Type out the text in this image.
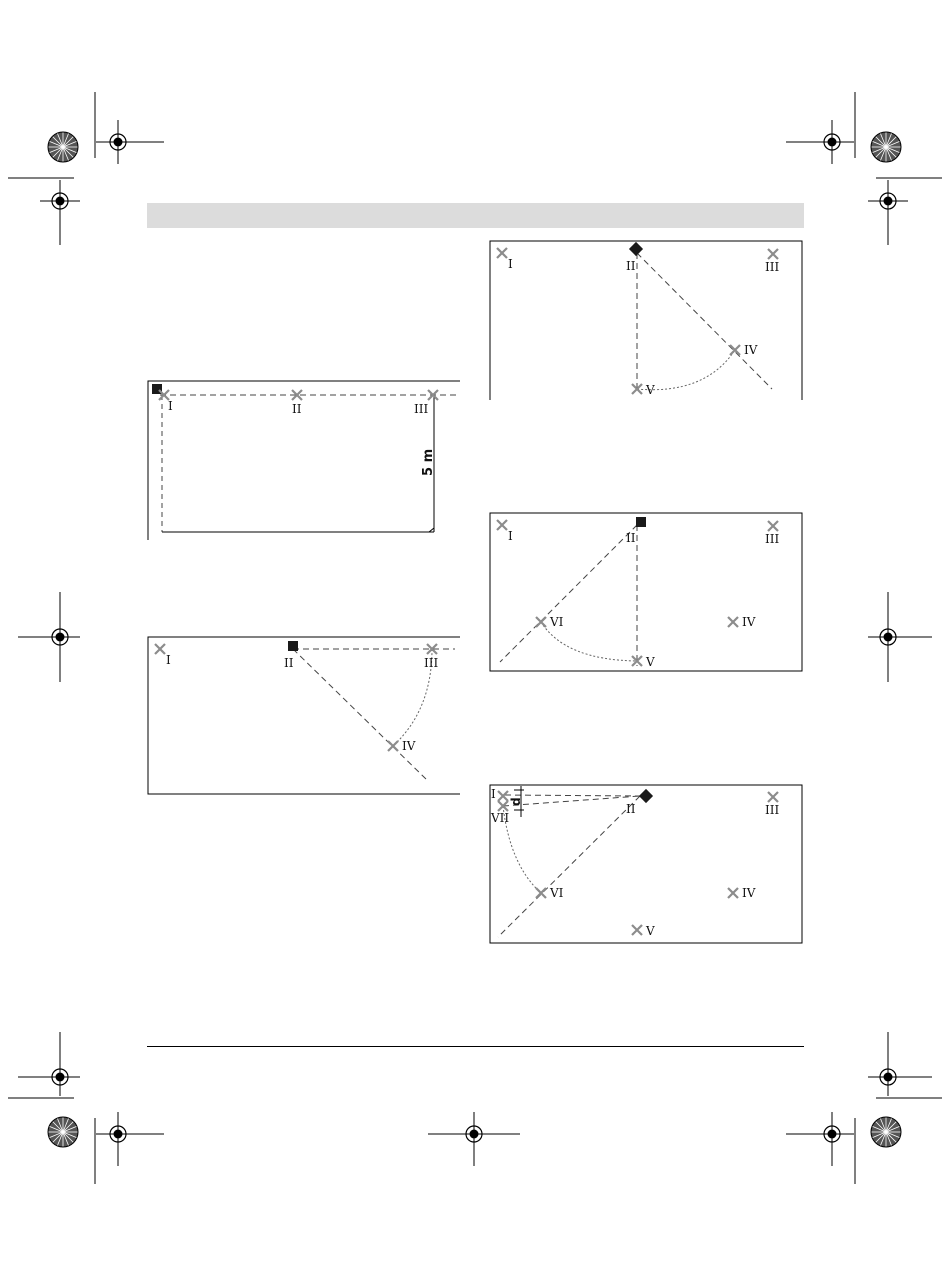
I	II	III
5 m
I	II	III
IV
I	II	III
IV
V
I	II	III
IV
V
VI
I
II	III
IV
V
VI
VII
d
